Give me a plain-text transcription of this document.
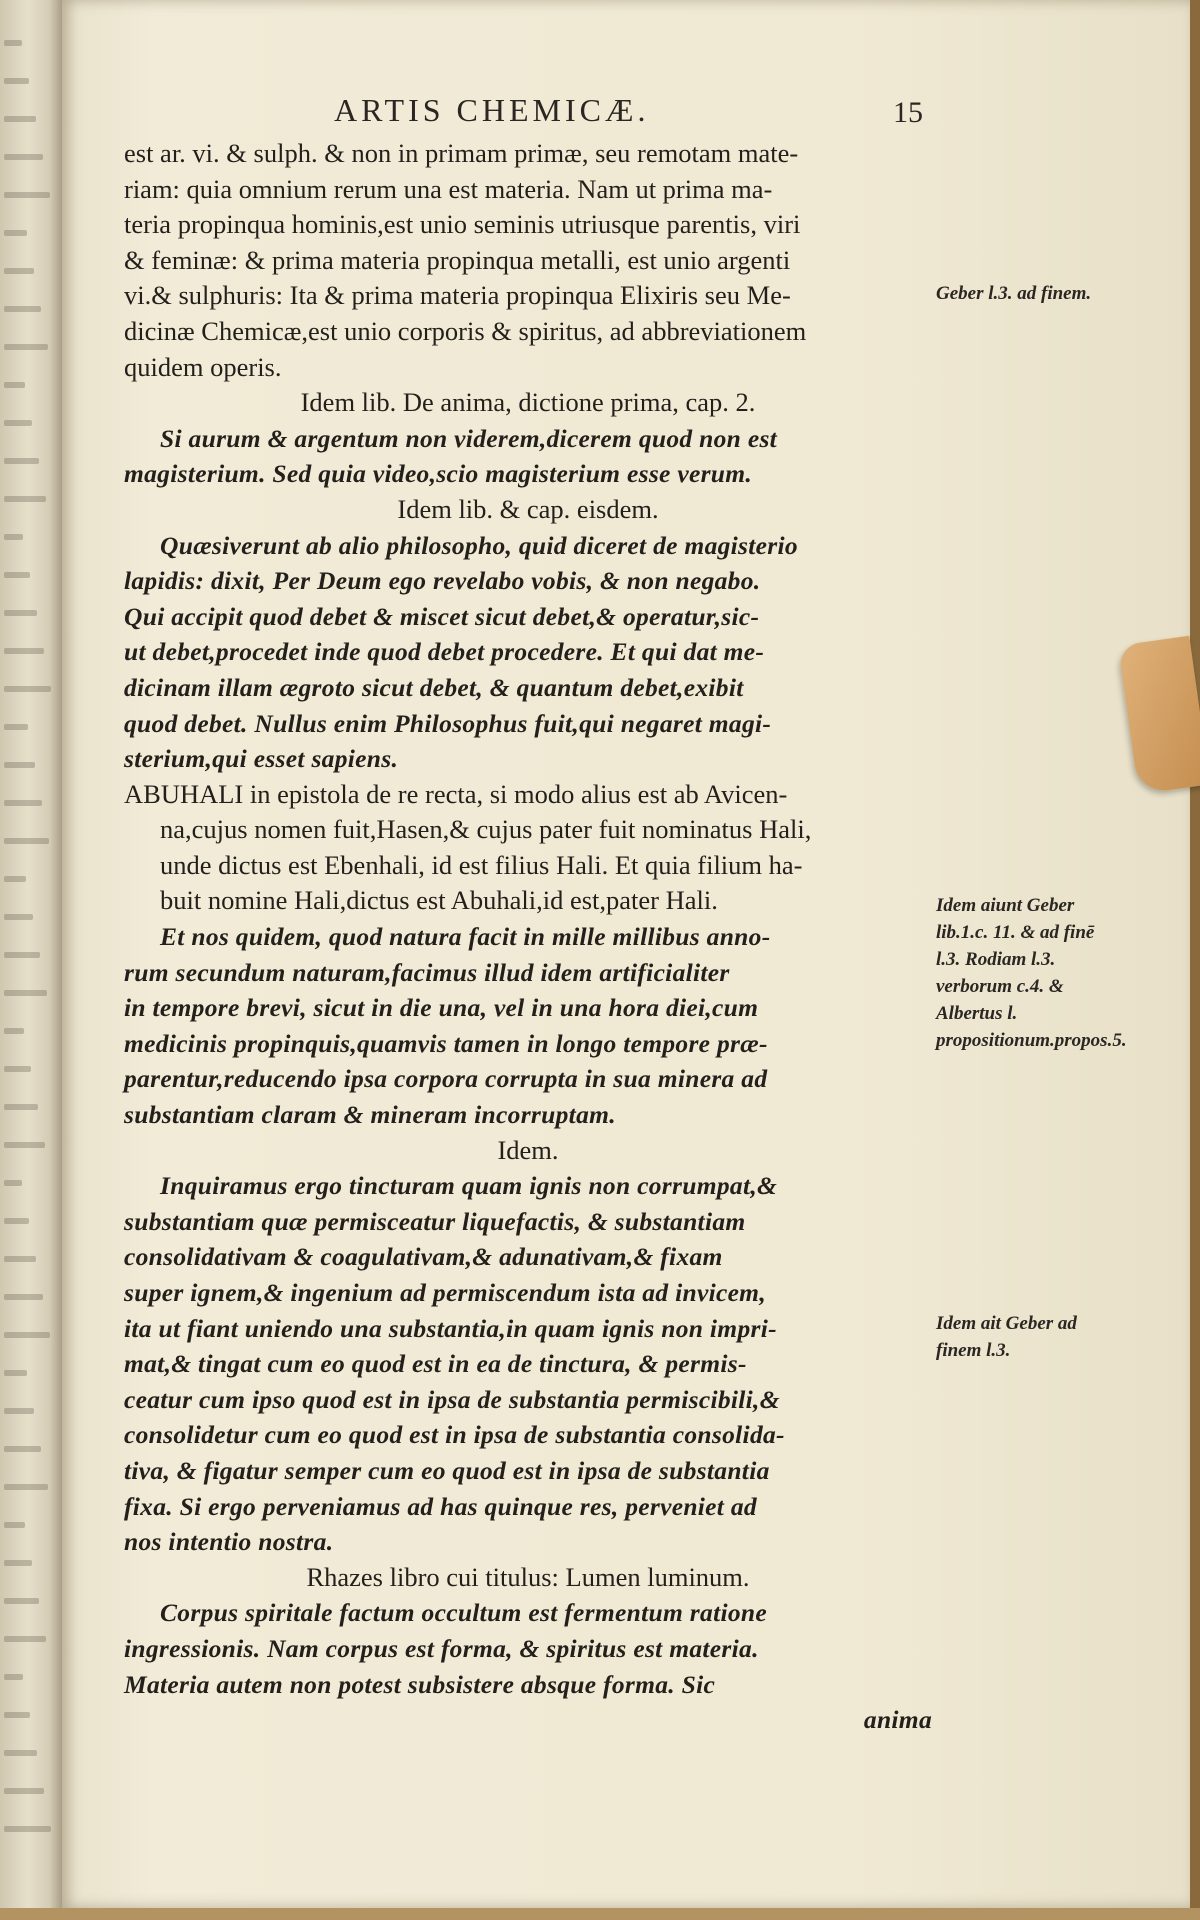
ARTIS CHEMICÆ.	15
est ar. vi. & sulph. & non in primam primæ, seu remotam mate-
riam: quia omnium rerum una est materia. Nam ut prima ma-
teria propinqua hominis,est unio seminis utriusque parentis, viri
& feminæ: & prima materia propinqua metalli, est unio argenti
vi.& sulphuris: Ita & prima materia propinqua Elixiris seu Me-
dicinæ Chemicæ,est unio corporis & spiritus, ad abbreviationem
quidem operis.
Idem lib. De anima, dictione prima, cap. 2.
Si aurum & argentum non viderem,dicerem quod non est
magisterium. Sed quia video,scio magisterium esse verum.
Idem lib. & cap. eisdem.
Quæsiverunt ab alio philosopho, quid diceret de magisterio
lapidis: dixit, Per Deum ego revelabo vobis, & non negabo.
Qui accipit quod debet & miscet sicut debet,& operatur,sic-
ut debet,procedet inde quod debet procedere. Et qui dat me-
dicinam illam ægroto sicut debet, & quantum debet,exibit
quod debet. Nullus enim Philosophus fuit,qui negaret magi-
sterium,qui esset sapiens.
ABUHALI in epistola de re recta, si modo alius est ab Avicen-
na,cujus nomen fuit,Hasen,& cujus pater fuit nominatus Hali,
unde dictus est Ebenhali, id est filius Hali. Et quia filium ha-
buit nomine Hali,dictus est Abuhali,id est,pater Hali.
Et nos quidem, quod natura facit in mille millibus anno-
rum secundum naturam,facimus illud idem artificialiter
in tempore brevi, sicut in die una, vel in una hora diei,cum
medicinis propinquis,quamvis tamen in longo tempore præ-
parentur,reducendo ipsa corpora corrupta in sua minera ad
substantiam claram & mineram incorruptam.
Idem.
Inquiramus ergo tincturam quam ignis non corrumpat,&
substantiam quæ permisceatur liquefactis, & substantiam
consolidativam & coagulativam,& adunativam,& fixam
super ignem,& ingenium ad permiscendum ista ad invicem,
ita ut fiant uniendo una substantia,in quam ignis non impri-
mat,& tingat cum eo quod est in ea de tinctura, & permis-
ceatur cum ipso quod est in ipsa de substantia permiscibili,&
consolidetur cum eo quod est in ipsa de substantia consolida-
tiva, & figatur semper cum eo quod est in ipsa de substantia
fixa. Si ergo pervenіamus ad has quinque res, perveniet ad
nos intentio nostra.
Rhazes libro cui titulus: Lumen luminum.
Corpus spiritale factum occultum est fermentum ratione
ingressionis. Nam corpus est forma, & spiritus est materia.
Materia autem non potest subsistere absque forma. Sic
anima
Geber l.3. ad finem.
Idem aiunt Geber lib.1.c. 11. & ad finē l.3. Rodiam l.3. verborum c.4. & Albertus l. propositionum.propos.5.
Idem ait Geber ad finem l.3.
